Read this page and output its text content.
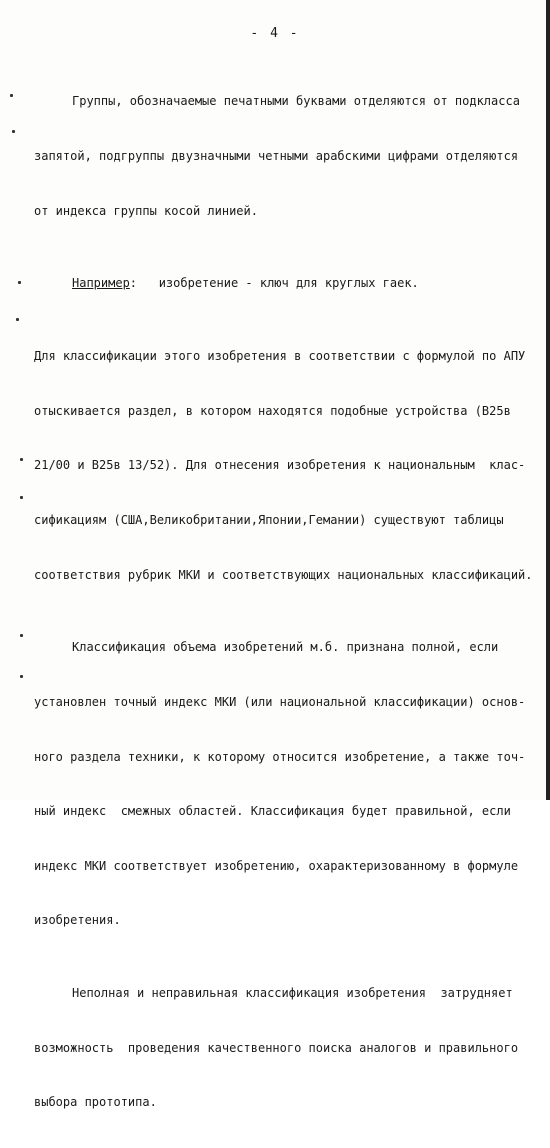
- 4 -

Группы, обозначаемые печатными буквами отделяются от подкласса

запятой, подгруппы двузначными четными арабскими цифрами отделяются

от индекса группы косой линией.

Например:   изобретение - ключ для круглых гаек.

Для классификации этого изобретения в соответствии с формулой по АПУ

отыскивается раздел, в котором находятся подобные устройства (B25в

21/00 и B25в 13/52). Для отнесения изобретения к национальным  клас-

сификациям (США,Великобритании,Японии,Гемании) существуют таблицы

соответствия рубрик МКИ и соответствующих национальных классификаций.

Классификация объема изобретений м.б. признана полной, если

установлен точный индекс МКИ (или национальной классификации) основ-

ного раздела техники, к которому относится изобретение, а также точ-

ный индекс  смежных областей. Классификация будет правильной, если

индекс МКИ соответствует изобретению, охарактеризованному в формуле

изобретения.

Неполная и неправильная классификация изобретения  затрудняет

возможность  проведения качественного поиска аналогов и правильного

выбора прототипа.
